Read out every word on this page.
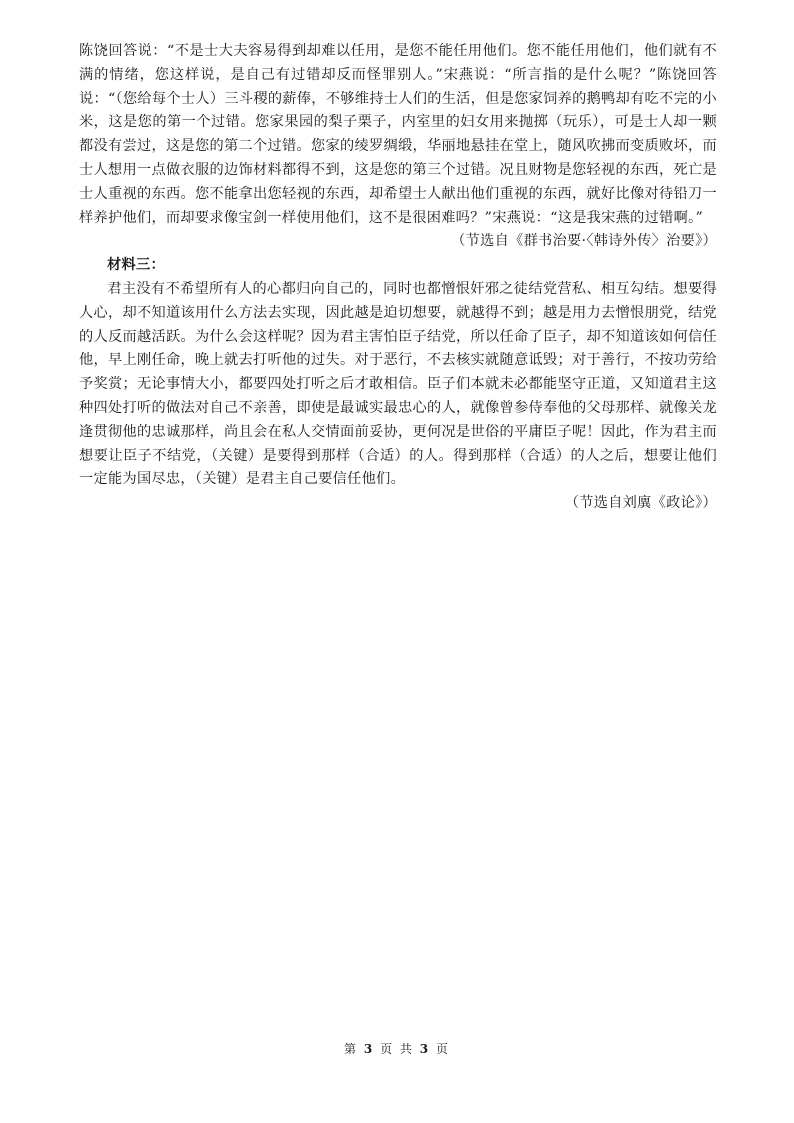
陈饶回答说：“不是士大夫容易得到却难以任用，是您不能任用他们。您不能任用他们，他们就有不满的情绪，您这样说，是自己有过错却反而怪罪别人。”宋燕说：“所言指的是什么呢？”陈饶回答说：“（您给每个士人）三斗稷的薪俸，不够维持士人们的生活，但是您家饲养的鹅鸭却有吃不完的小米，这是您的第一个过错。您家果园的梨子栗子，内室里的妇女用来抛掷（玩乐），可是士人却一颗都没有尝过，这是您的第二个过错。您家的绫罗绸缎，华丽地悬挂在堂上，随风吹拂而变质败坏，而士人想用一点做衣服的边饰材料都得不到，这是您的第三个过错。况且财物是您轻视的东西，死亡是士人重视的东西。您不能拿出您轻视的东西，却希望士人献出他们重视的东西，就好比像对待铅刀一样养护他们，而却要求像宝剑一样使用他们，这不是很困难吗？”宋燕说：“这是我宋燕的过错啊。”

（节选自《群书治要·〈韩诗外传〉治要》）

材料三：

君主没有不希望所有人的心都归向自己的，同时也都憎恨奸邪之徒结党营私、相互勾结。想要得人心，却不知道该用什么方法去实现，因此越是迫切想要，就越得不到；越是用力去憎恨朋党，结党的人反而越活跃。为什么会这样呢？因为君主害怕臣子结党，所以任命了臣子，却不知道该如何信任他，早上刚任命，晚上就去打听他的过失。对于恶行，不去核实就随意诋毁；对于善行，不按功劳给予奖赏；无论事情大小，都要四处打听之后才敢相信。臣子们本就未必都能坚守正道，又知道君主这种四处打听的做法对自己不亲善，即使是最诚实最忠心的人，就像曾参侍奉他的父母那样、就像关龙逢贯彻他的忠诚那样，尚且会在私人交情面前妥协，更何况是世俗的平庸臣子呢！因此，作为君主而想要让臣子不结党，（关键）是要得到那样（合适）的人。得到那样（合适）的人之后，想要让他们一定能为国尽忠，（关键）是君主自己要信任他们。

（节选自刘廙《政论》）

第 3 页 共 3 页
